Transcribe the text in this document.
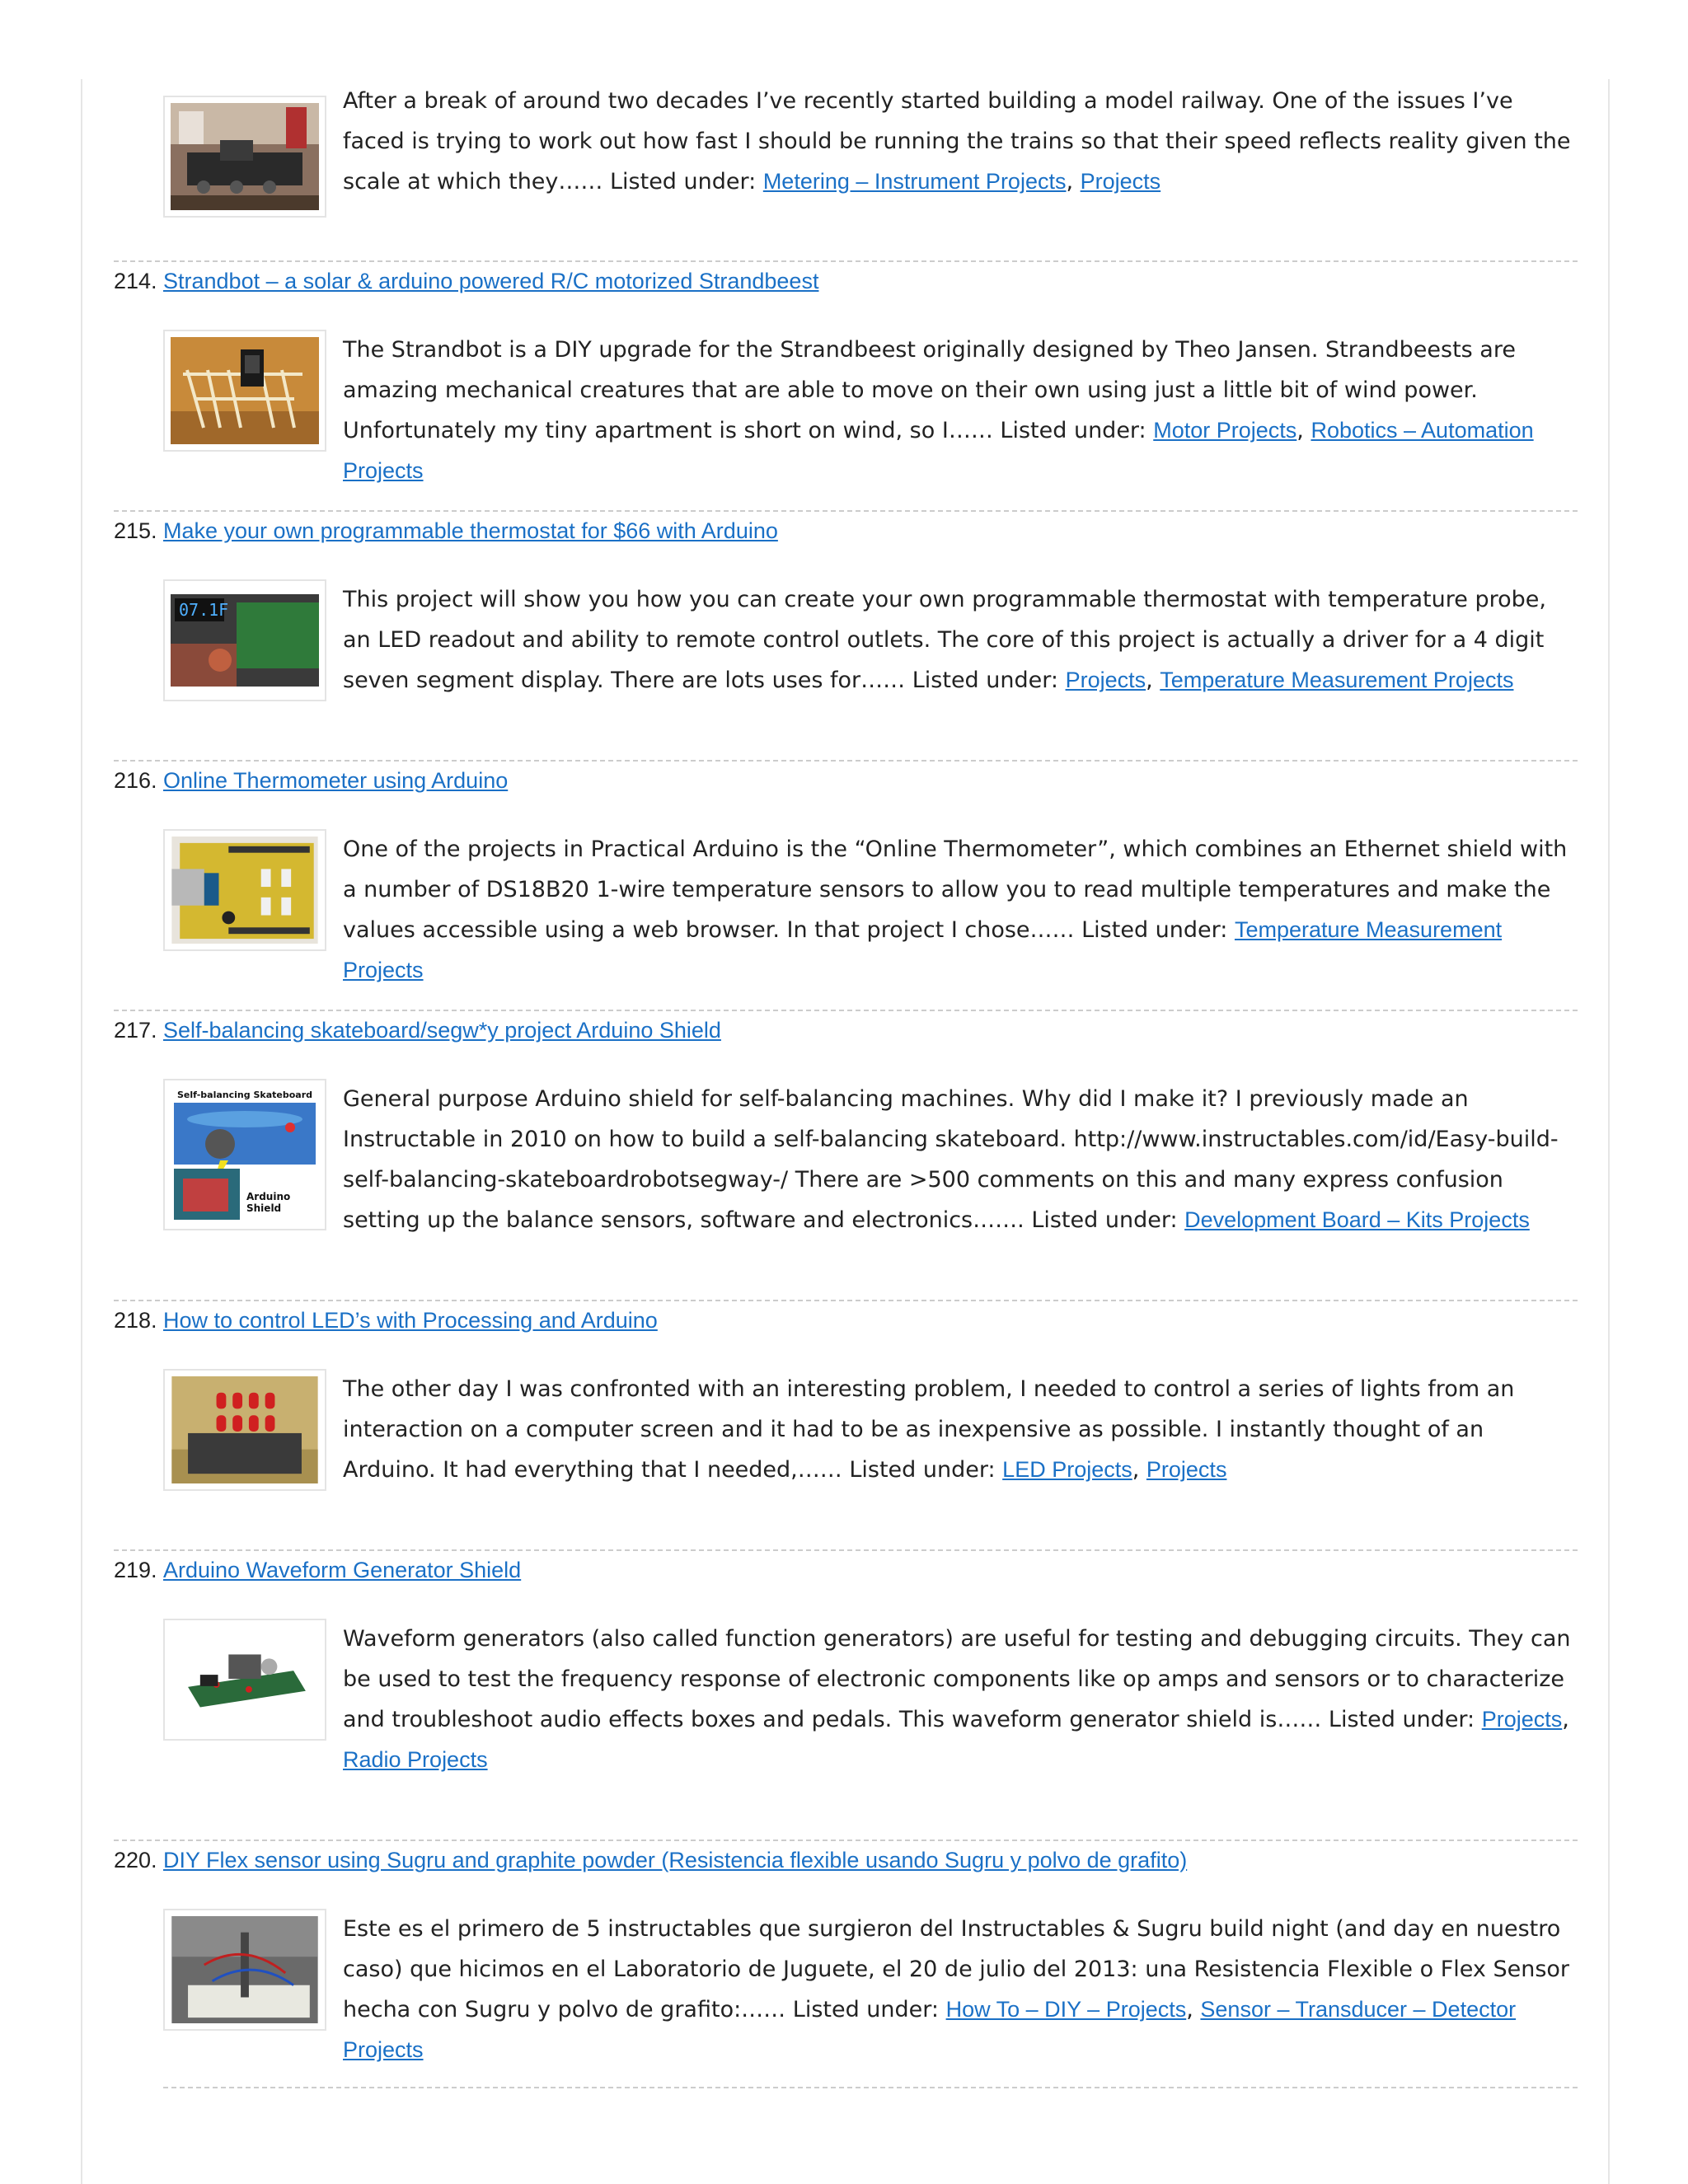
After a break of around two decades I’ve recently started building a model railway. One of the issues I’ve faced is trying to work out how fast I should be running the trains so that their speed reflects reality given the scale at which they…… Listed under: Metering – Instrument Projects, Projects
214. Strandbot – a solar & arduino powered R/C motorized Strandbeest
The Strandbot is a DIY upgrade for the Strandbeest originally designed by Theo Jansen. Strandbeests are amazing mechanical creatures that are able to move on their own using just a little bit of wind power. Unfortunately my tiny apartment is short on wind, so I…… Listed under: Motor Projects, Robotics – Automation Projects
215. Make your own programmable thermostat for $66 with Arduino
07.1F	This project will show you how you can create your own programmable thermostat with temperature probe, an LED readout and ability to remote control outlets. The core of this project is actually a driver for a 4 digit seven segment display. There are lots uses for…… Listed under: Projects, Temperature Measurement Projects
216. Online Thermometer using Arduino
One of the projects in Practical Arduino is the “Online Thermometer”, which combines an Ethernet shield with a number of DS18B20 1-wire temperature sensors to allow you to read multiple temperatures and make the values accessible using a web browser. In that project I chose…… Listed under: Temperature Measurement Projects
217. Self-balancing skateboard/segw*y project Arduino Shield
Self-balancing Skateboard
Arduino
Shield
General purpose Arduino shield for self-balancing machines. Why did I make it? I previously made an Instructable in 2010 on how to build a self-balancing skateboard. http://www.instructables.com/id/Easy-build-self-balancing-skateboardrobotsegway-/ There are >500 comments on this and many express confusion setting up the balance sensors, software and electronics……. Listed under: Development Board – Kits Projects
218. How to control LED’s with Processing and Arduino
The other day I was confronted with an interesting problem, I needed to control a series of lights from an interaction on a computer screen and it had to be as inexpensive as possible. I instantly thought of an Arduino. It had everything that I needed,…… Listed under: LED Projects, Projects
219. Arduino Waveform Generator Shield
Waveform generators (also called function generators) are useful for testing and debugging circuits. They can be used to test the frequency response of electronic components like op amps and sensors or to characterize and troubleshoot audio effects boxes and pedals. This waveform generator shield is…… Listed under: Projects, Radio Projects
220. DIY Flex sensor using Sugru and graphite powder (Resistencia flexible usando Sugru y polvo de grafito)
Este es el primero de 5 instructables que surgieron del Instructables & Sugru build night (and day en nuestro caso) que hicimos en el Laboratorio de Juguete, el 20 de julio del 2013: una Resistencia Flexible o Flex Sensor hecha con Sugru y polvo de grafito:…… Listed under: How To – DIY – Projects, Sensor – Transducer – Detector Projects
